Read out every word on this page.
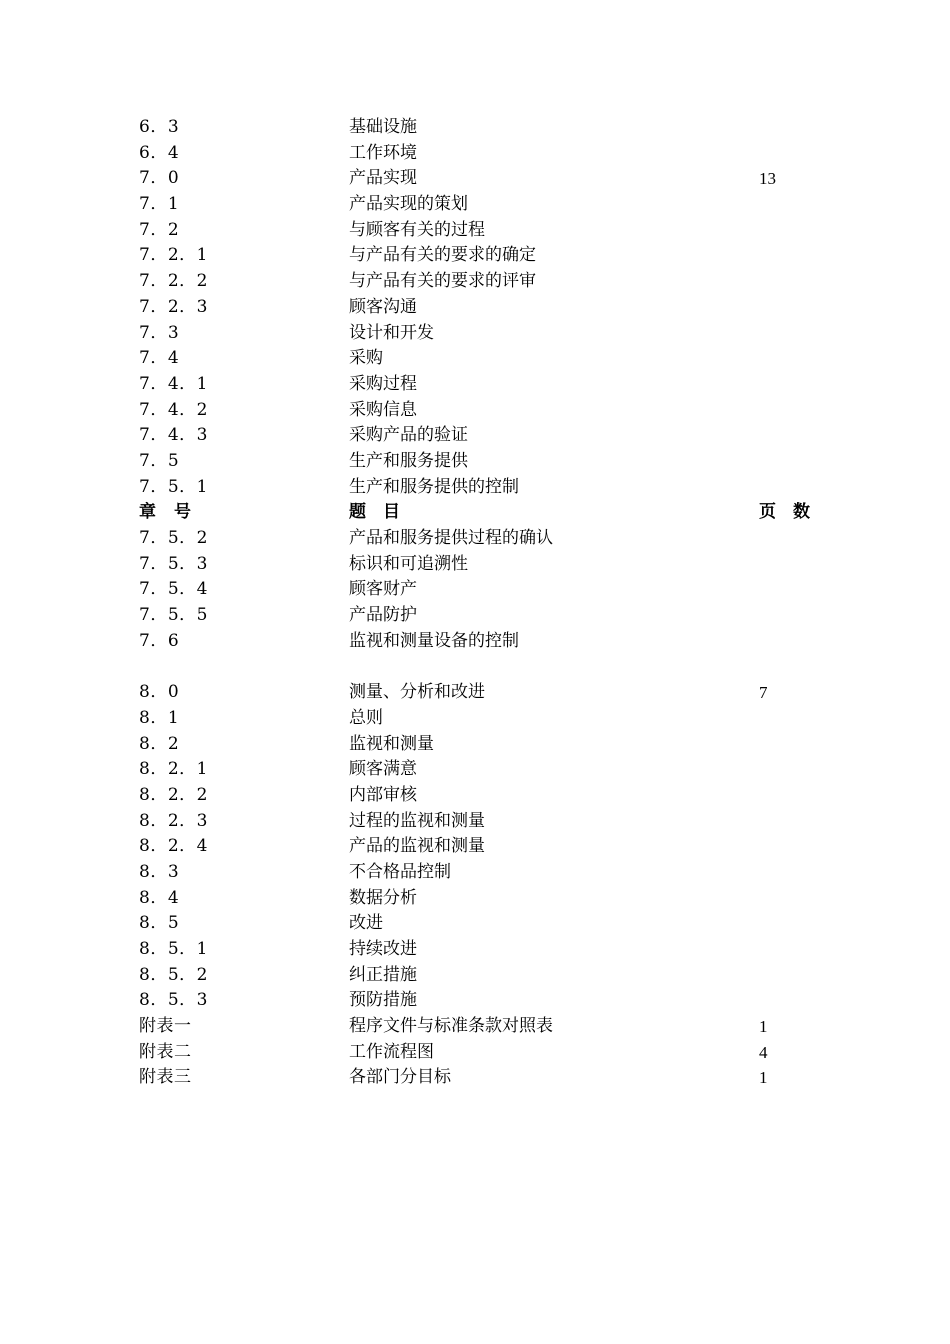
6．3	基础设施
6．4	工作环境
7．0	产品实现	13
7．1	产品实现的策划
7．2	与顾客有关的过程
7．2．1	与产品有关的要求的确定
7．2．2	与产品有关的要求的评审
7．2．3	顾客沟通
7．3	设计和开发
7．4	采购
7．4．1	采购过程
7．4．2	采购信息
7．4．3	采购产品的验证
7．5	生产和服务提供
7．5．1	生产和服务提供的控制
章　号	题　目	页　数
7．5．2	产品和服务提供过程的确认
7．5．3	标识和可追溯性
7．5．4	顾客财产
7．5．5	产品防护
7．6	监视和测量设备的控制
8．0	测量、分析和改进	7
8．1	总则
8．2	监视和测量
8．2．1	顾客满意
8．2．2	内部审核
8．2．3	过程的监视和测量
8．2．4	产品的监视和测量
8．3	不合格品控制
8．4	数据分析
8．5	改进
8．5．1	持续改进
8．5．2	纠正措施
8．5．3	预防措施
附表一	程序文件与标准条款对照表	1
附表二	工作流程图	4
附表三	各部门分目标	1
